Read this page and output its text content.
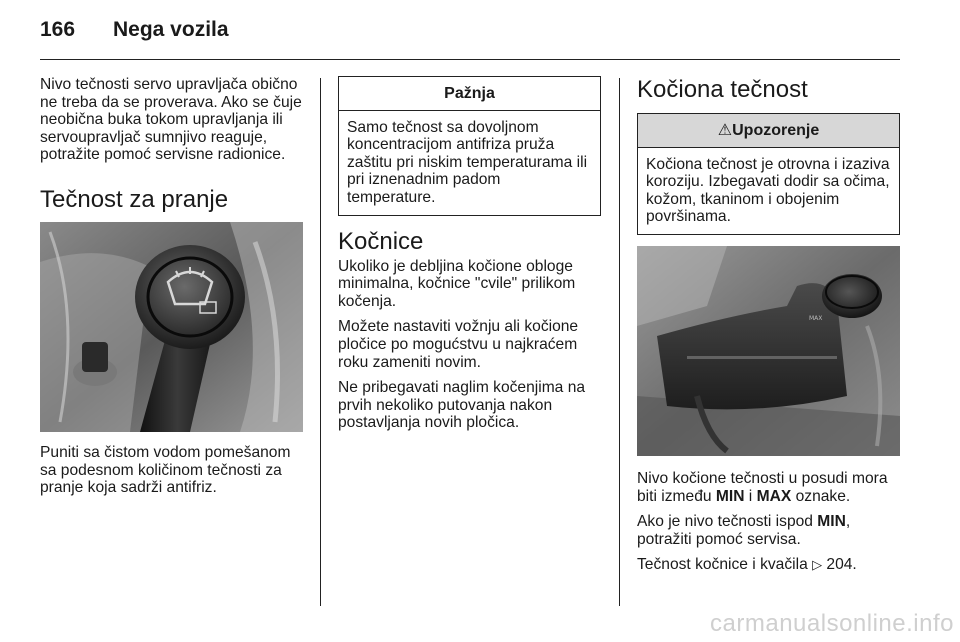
166 Nega vozila

Nivo tečnosti servo upravljača obično ne treba da se proverava. Ako se čuje neobična buka tokom upravljanja ili servoupravljač sumnjivo reaguje, potražite pomoć servisne radionice.

Tečnost za pranje

Puniti sa čistom vodom pomešanom sa podesnom količinom tečnosti za pranje koja sadrži antifriz.

Pažnja
Samo tečnost sa dovoljnom koncentracijom antifriza pruža zaštitu pri niskim temperaturama ili pri iznenadnim padom temperature.
Kočnice

Ukoliko je debljina kočione obloge minimalna, kočnice "cvile" prilikom kočenja.

Možete nastaviti vožnju ali kočione pločice po mogućstvu u najkraćem roku zameniti novim.

Ne pribegavati naglim kočenjima na prvih nekoliko putovanja nakon postavljanja novih pločica.

Kočiona tečnost
⚠Upozorenje
Kočiona tečnost je otrovna i izaziva koroziju. Izbegavati dodir sa očima, kožom, tkaninom i obojenim površinama.
MAX

Nivo kočione tečnosti u posudi mora biti između MIN i MAX oznake.

Ako je nivo tečnosti ispod MIN,
potražiti pomoć servisa.

Tečnost kočnice i kvačila ▷ 204.

carmanualsonline.info
